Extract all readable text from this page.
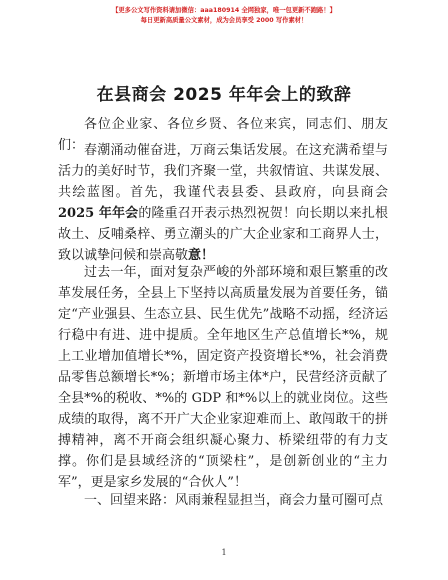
【更多公文写作资料请加微信：aaa180914 全网独家，唯一包更新不跑路！】
每日更新高质量公文素材，成为会员享受 2000 写作素材！
在县商会 2025 年年会上的致辞
各位企业家、各位乡贤、各位来宾，同志们、朋友们： 春潮涌动催奋进，万商云集话发展。在这充满希望与活力的美好时节，我们齐聚一堂，共叙情谊、共谋发展、共绘蓝图。首先，我谨代表县委、县政府，向县商会2025 年年会的隆重召开表示热烈祝贺！向长期以来扎根故土、反哺桑梓、勇立潮头的广大企业家和工商界人士，致以诚挚问候和崇高敬意！
过去一年，面对复杂严峻的外部环境和艰巨繁重的改革发展任务，全县上下坚持以高质量发展为首要任务，锚定“产业强县、生态立县、民生优先”战略不动摇，经济运行稳中有进、进中提质。全年地区生产总值增长*%，规上工业增加值增长*%，固定资产投资增长*%，社会消费品零售总额增长*%；新增市场主体*户，民营经济贡献了全县*%的税收、*%的 GDP 和*%以上的就业岗位。这些成绩的取得，离不开广大企业家迎难而上、敢闯敢干的拼搏精神，离不开商会组织凝心聚力、桥梁纽带的有力支撑。你们是县域经济的“顶梁柱”，是创新创业的“主力军”，更是家乡发展的“合伙人”！
一、回望来路：风雨兼程显担当，商会力量可圈可点
1
